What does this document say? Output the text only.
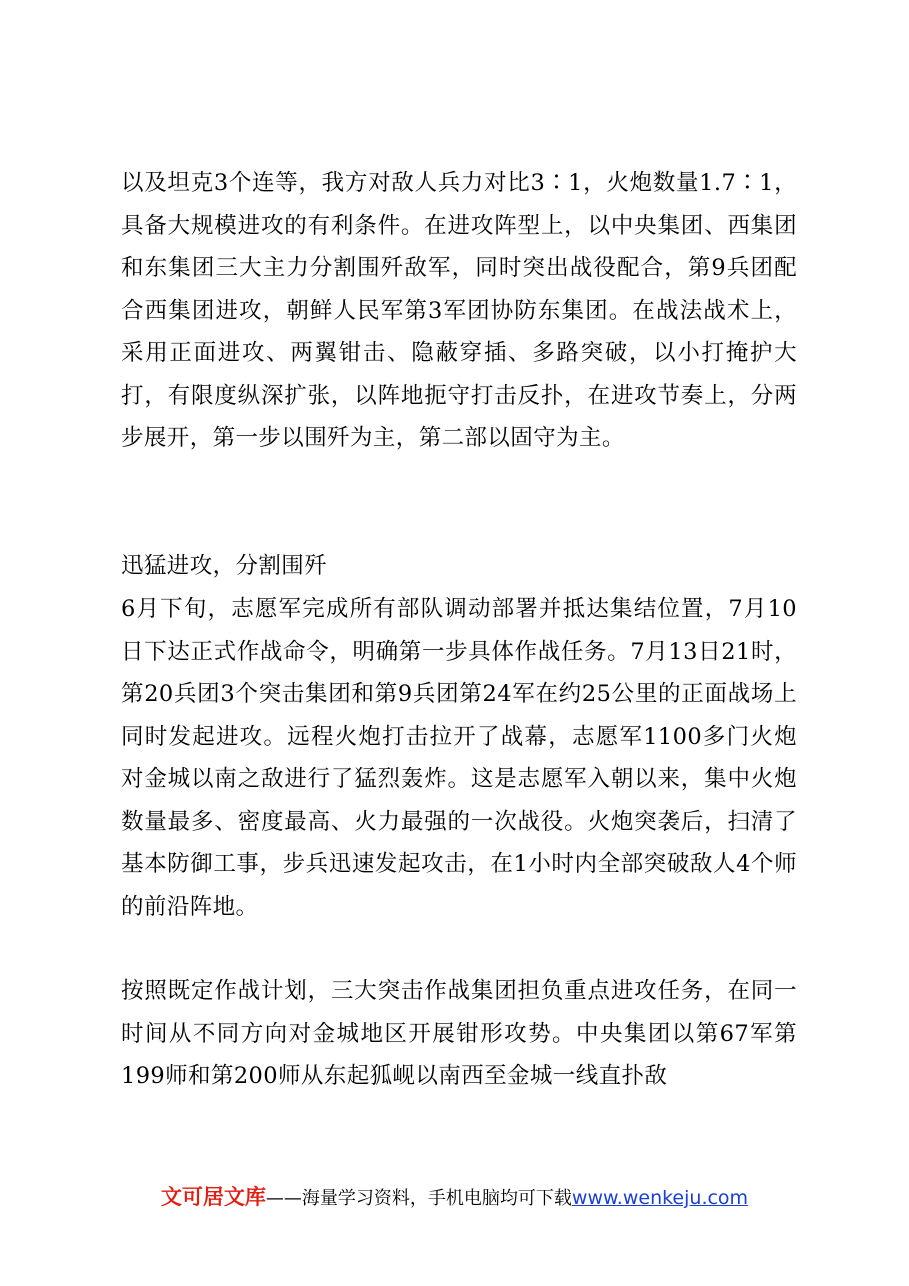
以及坦克3个连等，我方对敌人兵力对比3∶1，火炮数量1.7∶1，具备大规模进攻的有利条件。在进攻阵型上，以中央集团、西集团和东集团三大主力分割围歼敌军，同时突出战役配合，第9兵团配合西集团进攻，朝鲜人民军第3军团协防东集团。在战法战术上，采用正面进攻、两翼钳击、隐蔽穿插、多路突破，以小打掩护大打，有限度纵深扩张，以阵地扼守打击反扑，在进攻节奏上，分两步展开，第一步以围歼为主，第二部以固守为主。

迅猛进攻，分割围歼

6月下旬，志愿军完成所有部队调动部署并抵达集结位置，7月10日下达正式作战命令，明确第一步具体作战任务。7月13日21时，第20兵团3个突击集团和第9兵团第24军在约25公里的正面战场上同时发起进攻。远程火炮打击拉开了战幕，志愿军1100多门火炮对金城以南之敌进行了猛烈轰炸。这是志愿军入朝以来，集中火炮数量最多、密度最高、火力最强的一次战役。火炮突袭后，扫清了基本防御工事，步兵迅速发起攻击，在1小时内全部突破敌人4个师的前沿阵地。

按照既定作战计划，三大突击作战集团担负重点进攻任务，在同一时间从不同方向对金城地区开展钳形攻势。中央集团以第67军第199师和第200师从东起狐岘以南西至金城一线直扑敌

文可居文库——海量学习资料，手机电脑均可下载www.wenkeju.com
